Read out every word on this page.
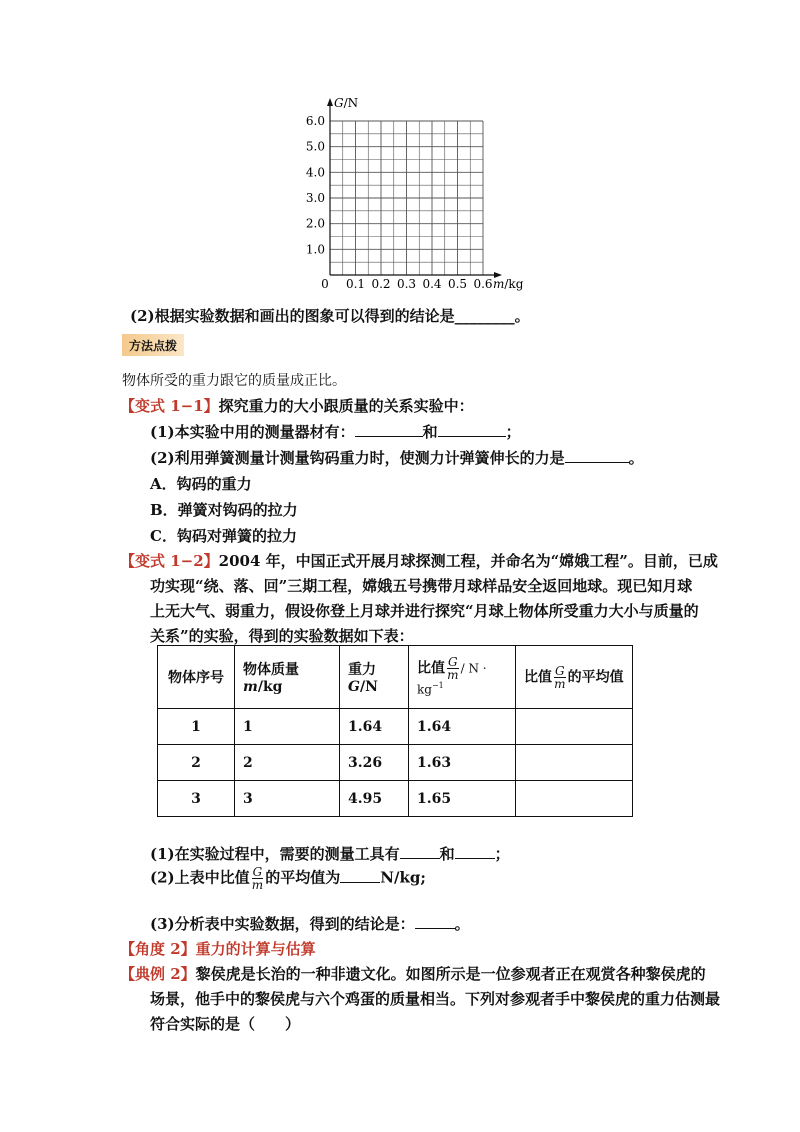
0 0.1 0.2 0.3 0.4 0.5 0.6
1.0
2.0
3.0
4.0
5.0
6.0
G/N
m/kg
(2)根据实验数据和画出的图象可以得到的结论是________。
方法点拨
物体所受的重力跟它的质量成正比。
【变式 1−1】探究重力的大小跟质量的关系实验中：
(1)本实验中用的测量器材有：	和	；
(2)利用弹簧测量计测量钩码重力时，使测力计弹簧伸长的力是	。
A．钩码的重力
B．弹簧对钩码的拉力
C．钩码对弹簧的拉力
【变式 1−2】2004 年，中国正式开展月球探测工程，并命名为“嫦娥工程”。目前，已成
功实现“绕、落、回”三期工程，嫦娥五号携带月球样品安全返回地球。现已知月球
上无大气、弱重力，假设你登上月球并进行探究“月球上物体所受重力大小与质量的
关系”的实验，得到的实验数据如下表：
物体序号	物体质量 m/kg	重力 G/N	比值 $\frac{G}{m} / N \cdot kg^{-1}$	比值 $\frac{G}{m}$ 的平均值
1	1	1.64	1.64	
2	2	3.26	1.63	
3	3	4.95	1.65	
(1)在实验过程中，需要的测量工具有	和	；
(2)上表中比值 $\frac{G}{m}$ 的平均值为	N/kg;
(3)分析表中实验数据，得到的结论是：	。
【角度 2】重力的计算与估算
【典例 2】黎侯虎是长治的一种非遗文化。如图所示是一位参观者正在观赏各种黎侯虎的
场景，他手中的黎侯虎与六个鸡蛋的质量相当。下列对参观者手中黎侯虎的重力估测最
符合实际的是（　　）
